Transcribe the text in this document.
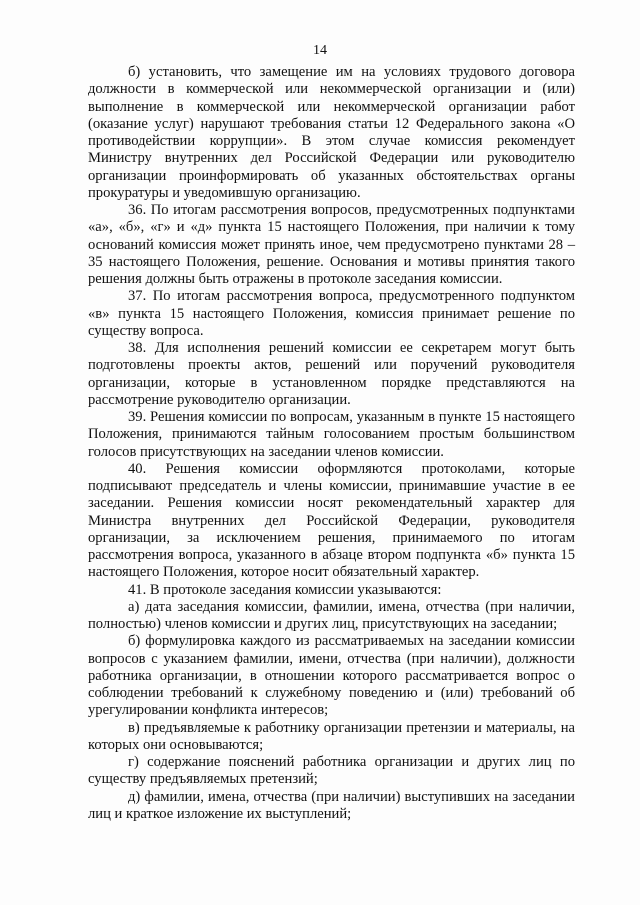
14

б) установить, что замещение им на условиях трудового договора должности в коммерческой или некоммерческой организации и (или) выполнение в коммерческой или некоммерческой организации работ (оказание услуг) нарушают требования статьи 12 Федерального закона «О противодействии коррупции». В этом случае комиссия рекомендует Министру внутренних дел Российской Федерации или руководителю организации проинформировать об указанных обстоятельствах органы прокуратуры и уведомившую организацию.

36. По итогам рассмотрения вопросов, предусмотренных подпунктами «а», «б», «г» и «д» пункта 15 настоящего Положения, при наличии к тому оснований комиссия может принять иное, чем предусмотрено пунктами 28 – 35 настоящего Положения, решение. Основания и мотивы принятия такого решения должны быть отражены в протоколе заседания комиссии.

37. По итогам рассмотрения вопроса, предусмотренного подпунктом «в» пункта 15 настоящего Положения, комиссия принимает решение по существу вопроса.

38. Для исполнения решений комиссии ее секретарем могут быть подготовлены проекты актов, решений или поручений руководителя организации, которые в установленном порядке представляются на рассмотрение руководителю организации.

39. Решения комиссии по вопросам, указанным в пункте 15 настоящего Положения, принимаются тайным голосованием простым большинством голосов присутствующих на заседании членов комиссии.

40. Решения комиссии оформляются протоколами, которые подписывают председатель и члены комиссии, принимавшие участие в ее заседании. Решения комиссии носят рекомендательный характер для Министра внутренних дел Российской Федерации, руководителя организации, за исключением решения, принимаемого по итогам рассмотрения вопроса, указанного в абзаце втором подпункта «б» пункта 15 настоящего Положения, которое носит обязательный характер.

41. В протоколе заседания комиссии указываются:

а) дата заседания комиссии, фамилии, имена, отчества (при наличии, полностью) членов комиссии и других лиц, присутствующих на заседании;

б) формулировка каждого из рассматриваемых на заседании комиссии вопросов с указанием фамилии, имени, отчества (при наличии), должности работника организации, в отношении которого рассматривается вопрос о соблюдении требований к служебному поведению и (или) требований об урегулировании конфликта интересов;

в) предъявляемые к работнику организации претензии и материалы, на которых они основываются;

г) содержание пояснений работника организации и других лиц по существу предъявляемых претензий;

д) фамилии, имена, отчества (при наличии) выступивших на заседании лиц и краткое изложение их выступлений;
